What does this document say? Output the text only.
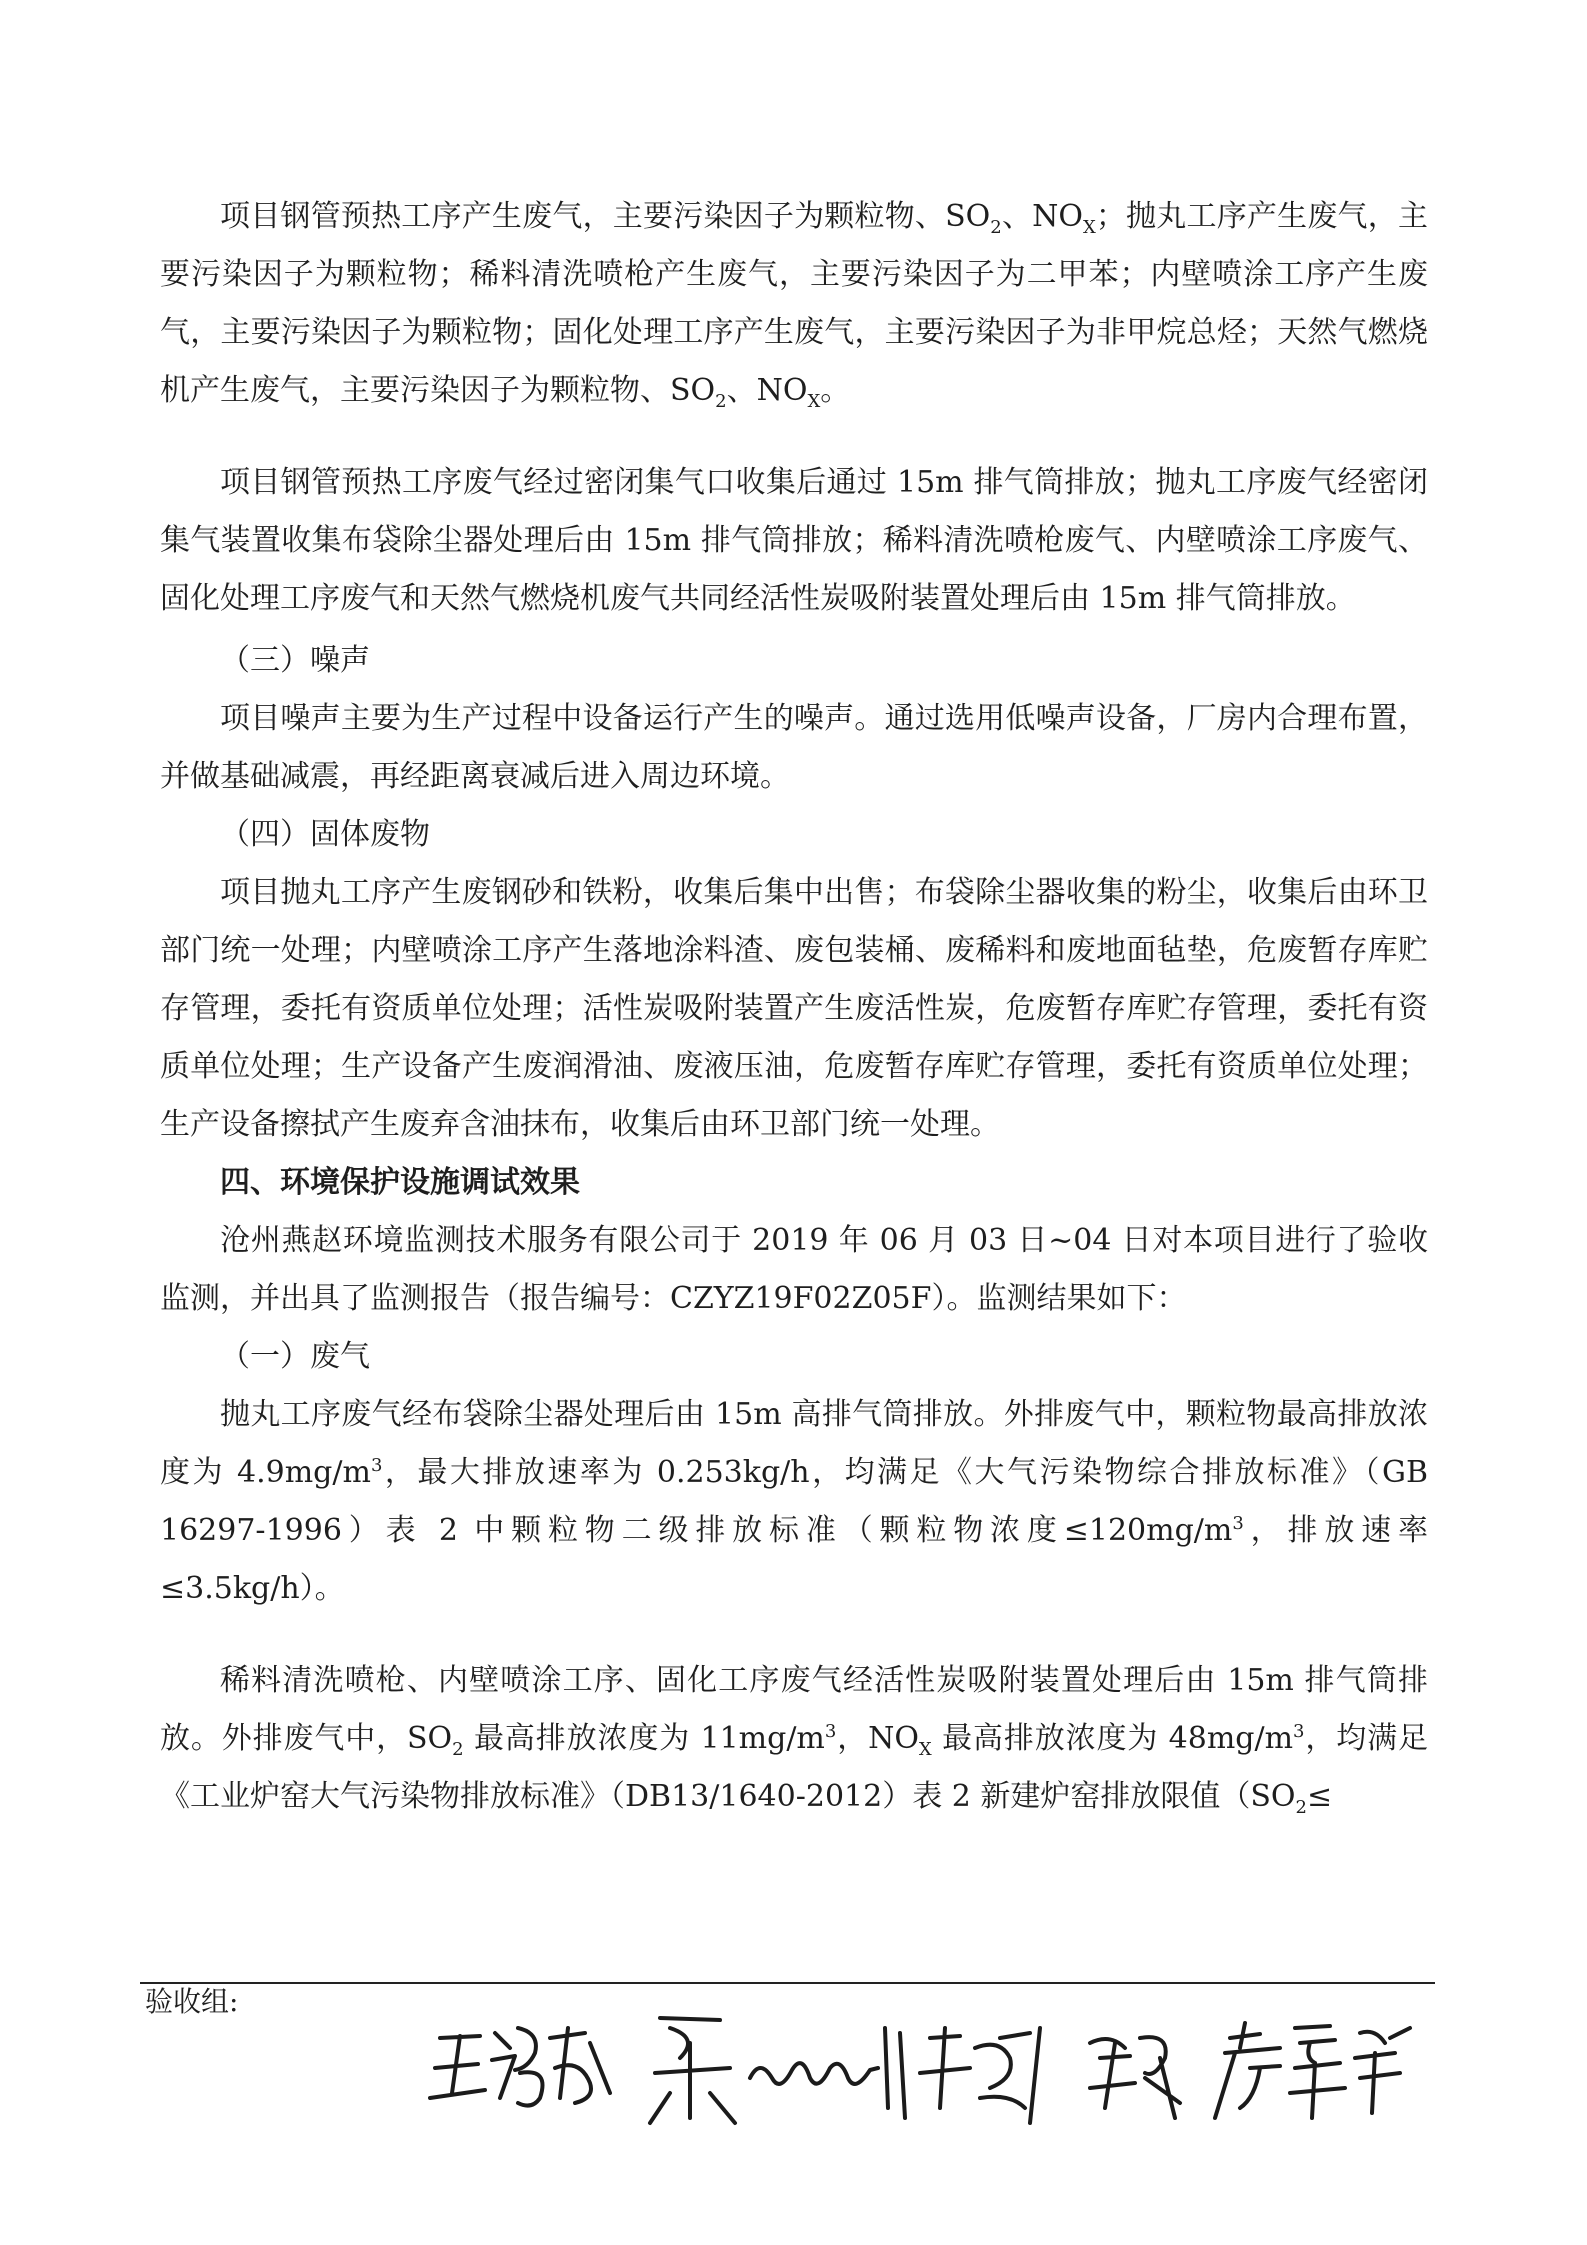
项目钢管预热工序产生废气，主要污染因子为颗粒物、$SO_2$、$NO_X$；抛丸工序产生废气，主要污染因子为颗粒物；稀料清洗喷枪产生废气，主要污染因子为二甲苯；内壁喷涂工序产生废气，主要污染因子为颗粒物；固化处理工序产生废气，主要污染因子为非甲烷总烃；天然气燃烧机产生废气，主要污染因子为颗粒物、$SO_2$、$NO_X$。

项目钢管预热工序废气经过密闭集气口收集后通过 15m 排气筒排放；抛丸工序废气经密闭集气装置收集布袋除尘器处理后由 15m 排气筒排放；稀料清洗喷枪废气、内壁喷涂工序废气、固化处理工序废气和天然气燃烧机废气共同经活性炭吸附装置处理后由 15m 排气筒排放。

（三）噪声

项目噪声主要为生产过程中设备运行产生的噪声。通过选用低噪声设备，厂房内合理布置，并做基础减震，再经距离衰减后进入周边环境。

（四）固体废物

项目抛丸工序产生废钢砂和铁粉，收集后集中出售；布袋除尘器收集的粉尘，收集后由环卫部门统一处理；内壁喷涂工序产生落地涂料渣、废包装桶、废稀料和废地面毡垫，危废暂存库贮存管理，委托有资质单位处理；活性炭吸附装置产生废活性炭，危废暂存库贮存管理，委托有资质单位处理；生产设备产生废润滑油、废液压油，危废暂存库贮存管理，委托有资质单位处理；生产设备擦拭产生废弃含油抹布，收集后由环卫部门统一处理。

四、环境保护设施调试效果

沧州燕赵环境监测技术服务有限公司于 2019 年 06 月 03 日~04 日对本项目进行了验收监测，并出具了监测报告（报告编号：CZYZ19F02Z05F）。监测结果如下：

（一）废气

抛丸工序废气经布袋除尘器处理后由 15m 高排气筒排放。外排废气中，颗粒物最高排放浓度为 $4.9mg/m^3$，最大排放速率为 0.253kg/h，均满足《大气污染物综合排放标准》（GB 16297-1996）表 2 中颗粒物二级排放标准（颗粒物浓度$\le 120mg/m^3$，排放速率≤3.5kg/h）。

稀料清洗喷枪、内壁喷涂工序、固化工序废气经活性炭吸附装置处理后由 15m 排气筒排放。外排废气中，$SO_2$ 最高排放浓度为 $11mg/m^3$，$NO_X$ 最高排放浓度为 $48mg/m^3$，均满足《工业炉窑大气污染物排放标准》（DB13/1640-2012）表 2 新建炉窑排放限值（$SO_2\le$

验收组:
